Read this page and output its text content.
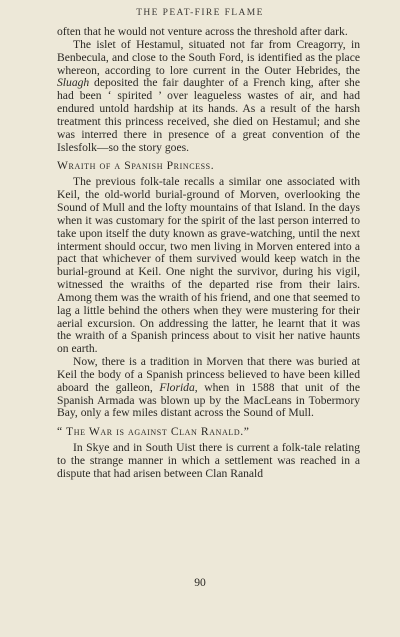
THE PEAT-FIRE FLAME

often that he would not venture across the threshold after dark.

The islet of Hestamul, situated not far from Creagorry, in Benbecula, and close to the South Ford, is identified as the place whereon, according to lore current in the Outer Hebrides, the Sluagh deposited the fair daughter of a French king, after she had been ‘ spirited ’ over leagueless wastes of air, and had endured untold hardship at its hands. As a result of the harsh treatment this princess received, she died on Hestamul; and she was interred there in presence of a great convention of the Islesfolk—so the story goes.

Wraith of a Spanish Princess.

The previous folk-tale recalls a similar one associated with Keil, the old-world burial-ground of Morven, overlooking the Sound of Mull and the lofty mountains of that Island. In the days when it was customary for the spirit of the last person interred to take upon itself the duty known as grave-watching, until the next interment should occur, two men living in Morven entered into a pact that whichever of them survived would keep watch in the burial-ground at Keil. One night the survivor, during his vigil, witnessed the wraiths of the departed rise from their lairs. Among them was the wraith of his friend, and one that seemed to lag a little behind the others when they were mustering for their aerial excursion. On addressing the latter, he learnt that it was the wraith of a Spanish princess about to visit her native haunts on earth.

Now, there is a tradition in Morven that there was buried at Keil the body of a Spanish princess believed to have been killed aboard the galleon, Florida, when in 1588 that unit of the Spanish Armada was blown up by the MacLeans in Tobermory Bay, only a few miles distant across the Sound of Mull.

“ The War is against Clan Ranald.”

In Skye and in South Uist there is current a folk-tale relating to the strange manner in which a settlement was reached in a dispute that had arisen between Clan Ranald

90
